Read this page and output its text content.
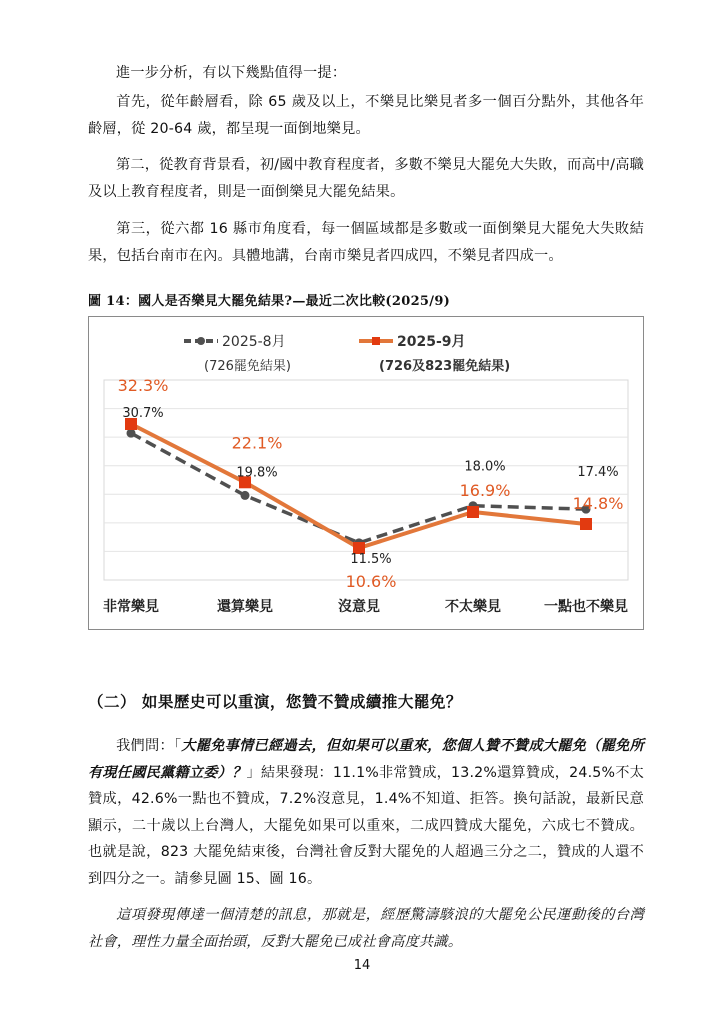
進一步分析，有以下幾點值得一提：

首先，從年齡層看，除 65 歲及以上，不樂見比樂見者多一個百分點外，其他各年齡層，從 20-64 歲，都呈現一面倒地樂見。

第二，從教育背景看，初/國中教育程度者，多數不樂見大罷免大失敗，而高中/高職及以上教育程度者，則是一面倒樂見大罷免結果。

第三，從六都 16 縣市角度看，每一個區域都是多數或一面倒樂見大罷免大失敗結果，包括台南市在內。具體地講，台南市樂見者四成四，不樂見者四成一。

圖 14：國人是否樂見大罷免結果?—最近二次比較(2025/9)
2025-8月
(726罷免結果)
2025-9月
(726及823罷免結果)
30.7%
19.8%
11.5%
18.0%	17.4%
32.3%
22.1%
10.6%
16.9%
14.8%
非常樂見	還算樂見	沒意見	不太樂見	一點也不樂見
（二） 如果歷史可以重演，您贊不贊成續推大罷免？

我們問：「大罷免事情已經過去，但如果可以重來，您個人贊不贊成大罷免（罷免所有現任國民黨籍立委）？」結果發現：11.1%非常贊成，13.2%還算贊成，24.5%不太贊成，42.6%一點也不贊成，7.2%沒意見，1.4%不知道、拒答。換句話說，最新民意顯示，二十歲以上台灣人，大罷免如果可以重來，二成四贊成大罷免，六成七不贊成。也就是說，823 大罷免結束後，台灣社會反對大罷免的人超過三分之二，贊成的人還不到四分之一。請參見圖 15、圖 16。

這項發現傳達一個清楚的訊息，那就是，經歷驚濤駭浪的大罷免公民運動後的台灣社會，理性力量全面抬頭，反對大罷免已成社會高度共識。

14
